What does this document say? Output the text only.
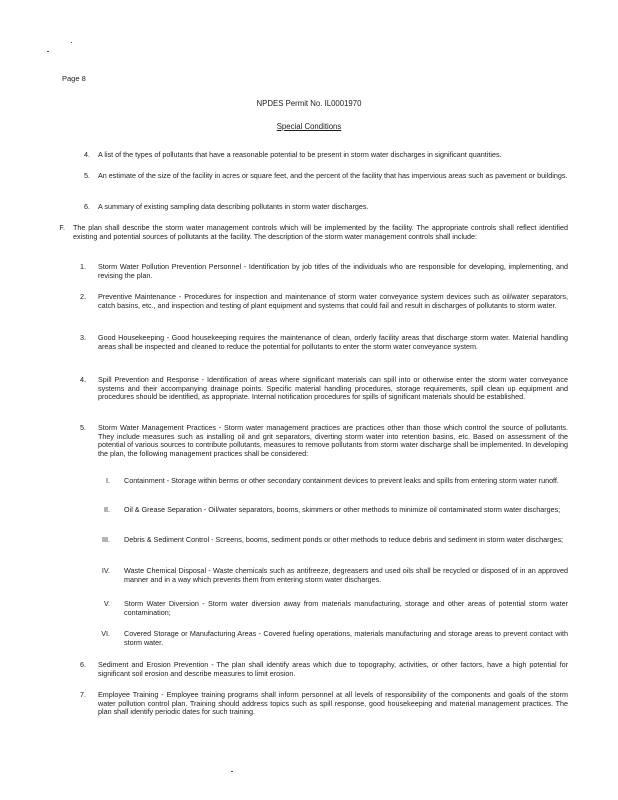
Page 8
NPDES Permit No. IL0001970
Special Conditions
4. A list of the types of pollutants that have a reasonable potential to be present in storm water discharges in significant quantities.
5. An estimate of the size of the facility in acres or square feet, and the percent of the facility that has impervious areas such as pavement or buildings.
6. A summary of existing sampling data describing pollutants in storm water discharges.
F. The plan shall describe the storm water management controls which will be implemented by the facility. The appropriate controls shall reflect identified existing and potential sources of pollutants at the facility. The description of the storm water management controls shall include:
1. Storm Water Pollution Prevention Personnel - Identification by job titles of the individuals who are responsible for developing, implementing, and revising the plan.
2. Preventive Maintenance - Procedures for inspection and maintenance of storm water conveyance system devices such as oil/water separators, catch basins, etc., and inspection and testing of plant equipment and systems that could fail and result in discharges of pollutants to storm water.
3. Good Housekeeping - Good housekeeping requires the maintenance of clean, orderly facility areas that discharge storm water. Material handling areas shall be inspected and cleaned to reduce the potential for pollutants to enter the storm water conveyance system.
4. Spill Prevention and Response - Identification of areas where significant materials can spill into or otherwise enter the storm water conveyance systems and their accompanying drainage points. Specific material handling procedures, storage requirements, spill clean up equipment and procedures should be identified, as appropriate. Internal notification procedures for spills of significant materials should be established.
5. Storm Water Management Practices - Storm water management practices are practices other than those which control the source of pollutants. They include measures such as installing oil and grit separators, diverting storm water into retention basins, etc. Based on assessment of the potential of various sources to contribute pollutants, measures to remove pollutants from storm water discharge shall be implemented. In developing the plan, the following management practices shall be considered:
I. Containment - Storage within berms or other secondary containment devices to prevent leaks and spills from entering storm water runoff.
II. Oil & Grease Separation - Oil/water separators, booms, skimmers or other methods to minimize oil contaminated storm water discharges;
III. Debris & Sediment Control - Screens, booms, sediment ponds or other methods to reduce debris and sediment in storm water discharges;
IV. Waste Chemical Disposal - Waste chemicals such as antifreeze, degreasers and used oils shall be recycled or disposed of in an approved manner and in a way which prevents them from entering storm water discharges.
V. Storm Water Diversion - Storm water diversion away from materials manufacturing, storage and other areas of potential storm water contamination;
VI. Covered Storage or Manufacturing Areas - Covered fueling operations, materials manufacturing and storage areas to prevent contact with storm water.
6. Sediment and Erosion Prevention - The plan shall identify areas which due to topography, activities, or other factors, have a high potential for significant soil erosion and describe measures to limit erosion.
7. Employee Training - Employee training programs shall inform personnel at all levels of responsibility of the components and goals of the storm water pollution control plan. Training should address topics such as spill response, good housekeeping and material management practices. The plan shall identify periodic dates for such training.
